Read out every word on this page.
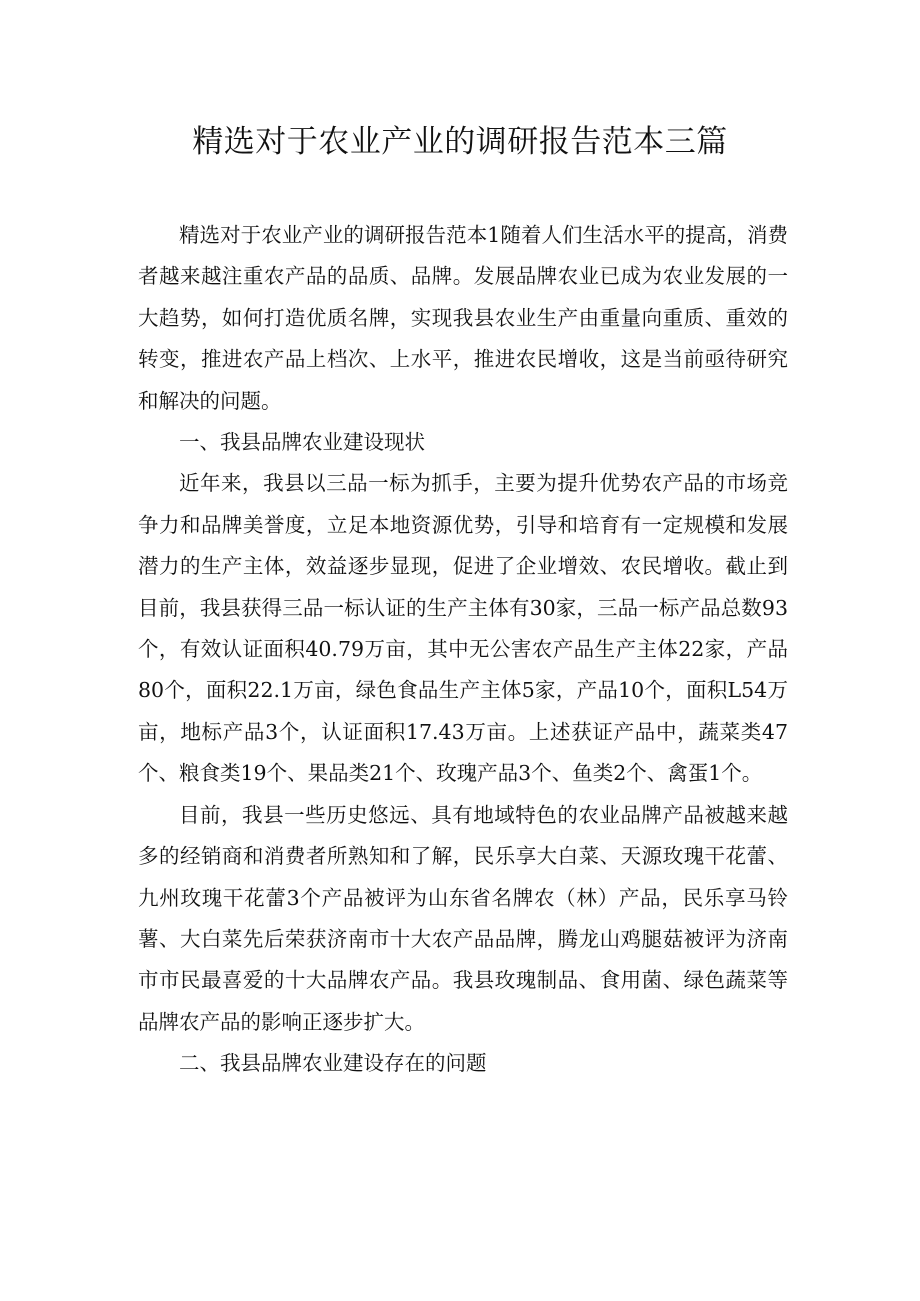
精选对于农业产业的调研报告范本三篇

精选对于农业产业的调研报告范本1随着人们生活水平的提高，消费者越来越注重农产品的品质、品牌。发展品牌农业已成为农业发展的一大趋势，如何打造优质名牌，实现我县农业生产由重量向重质、重效的转变，推进农产品上档次、上水平，推进农民增收，这是当前亟待研究和解决的问题。

一、我县品牌农业建设现状

近年来，我县以三品一标为抓手，主要为提升优势农产品的市场竞争力和品牌美誉度，立足本地资源优势，引导和培育有一定规模和发展潜力的生产主体，效益逐步显现，促进了企业增效、农民增收。截止到目前，我县获得三品一标认证的生产主体有30家，三品一标产品总数93个，有效认证面积40.79万亩，其中无公害农产品生产主体22家，产品80个，面积22.1万亩，绿色食品生产主体5家，产品10个，面积L54万亩，地标产品3个，认证面积17.43万亩。上述获证产品中，蔬菜类47个、粮食类19个、果品类21个、玫瑰产品3个、鱼类2个、禽蛋1个。

目前，我县一些历史悠远、具有地域特色的农业品牌产品被越来越多的经销商和消费者所熟知和了解，民乐享大白菜、天源玫瑰干花蕾、九州玫瑰干花蕾3个产品被评为山东省名牌农（林）产品，民乐享马铃薯、大白菜先后荣获济南市十大农产品品牌，腾龙山鸡腿菇被评为济南市市民最喜爱的十大品牌农产品。我县玫瑰制品、食用菌、绿色蔬菜等品牌农产品的影响正逐步扩大。

二、我县品牌农业建设存在的问题
